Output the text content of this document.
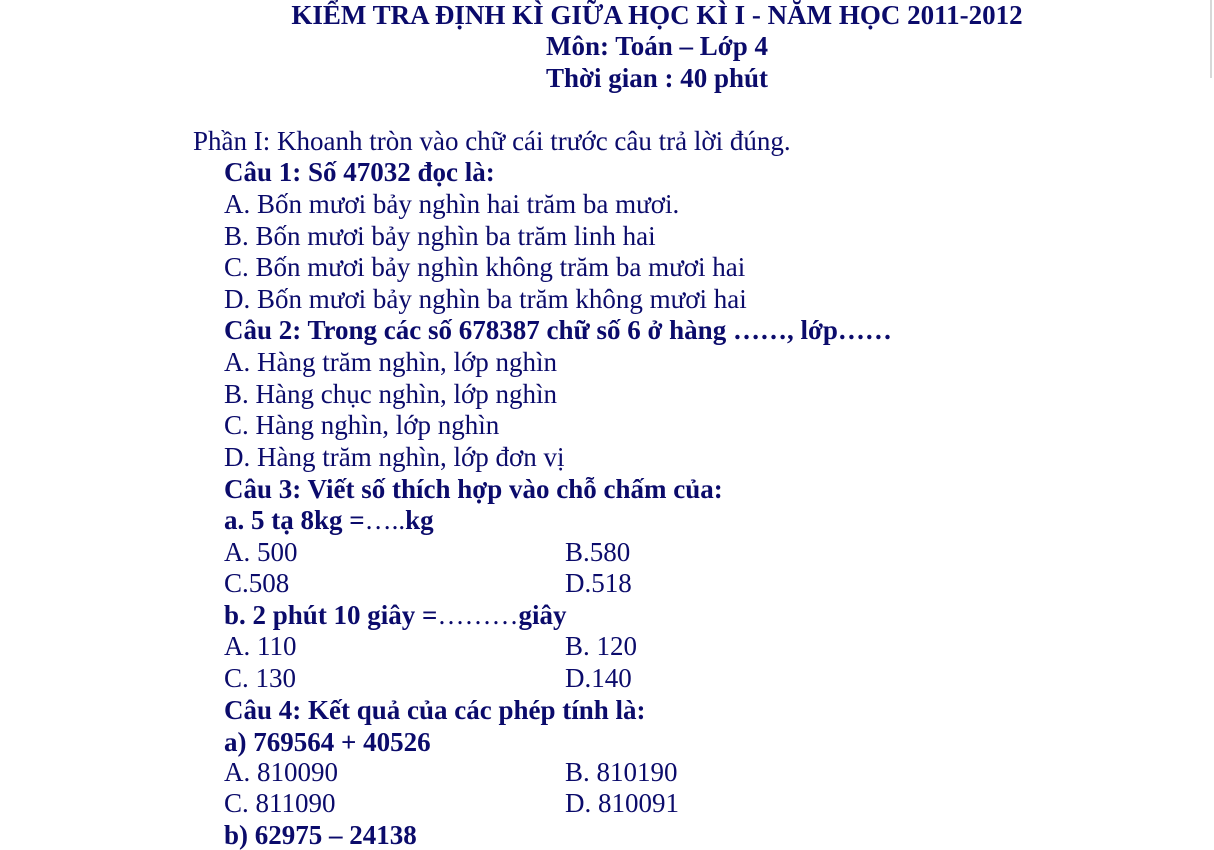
KIỂM TRA ĐỊNH KÌ GIỮA HỌC KÌ I - NĂM HỌC 2011-2012
Môn: Toán – Lớp 4
Thời gian : 40 phút
Phần I: Khoanh tròn vào chữ cái trước câu trả lời đúng.
Câu 1: Số 47032 đọc là:
A. Bốn mươi bảy nghìn hai trăm ba mươi.
B. Bốn mươi bảy nghìn ba trăm linh hai
C. Bốn mươi bảy nghìn không trăm ba mươi hai
D. Bốn mươi bảy nghìn ba trăm không mươi hai
Câu 2: Trong các số 678387 chữ số 6 ở hàng ……, lớp……
A. Hàng trăm nghìn, lớp nghìn
B. Hàng chục nghìn, lớp nghìn
C. Hàng nghìn, lớp nghìn
D. Hàng trăm nghìn, lớp đơn vị
Câu 3: Viết số thích hợp vào chỗ chấm của:
a. 5 tạ 8kg =…..kg
A. 500	B.580
C.508	D.518
b. 2 phút 10 giây =………giây
A. 110	B. 120
C. 130	D.140
Câu 4: Kết quả của các phép tính là:
a) 769564 + 40526
A. 810090	B. 810190
C. 811090	D. 810091
b) 62975 – 24138
